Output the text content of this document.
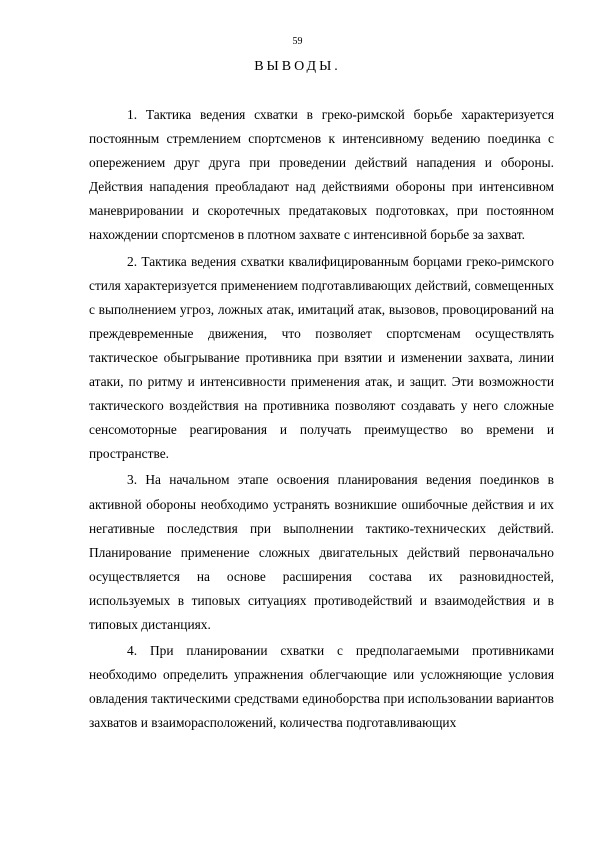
59
ВЫВОДЫ.

1. Тактика ведения схватки в греко-римской борьбе характеризуется постоянным стремлением спортсменов к интенсивному ведению поединка с опережением друг друга при проведении действий нападения и обороны. Действия нападения преобладают над действиями обороны при интенсивном маневрировании и скоротечных предатаковых подготовках, при постоянном нахождении спортсменов в плотном захвате с интенсивной борьбе за захват.

2. Тактика ведения схватки квалифицированным борцами греко-римского стиля характеризуется применением подготавливающих действий, совмещенных с выполнением угроз, ложных атак, имитаций атак, вызовов, провоцирований на преждевременные движения, что позволяет спортсменам осуществлять тактическое обыгрывание противника при взятии и изменении захвата, линии атаки, по ритму и интенсивности применения атак, и защит. Эти возможности тактического воздействия на противника позволяют создавать у него сложные сенсомоторные реагирования и получать преимущество во времени и пространстве.

3. На начальном этапе освоения планирования ведения поединков в активной обороны необходимо устранять возникшие ошибочные действия и их негативные последствия при выполнении тактико-технических действий. Планирование применение сложных двигательных действий первоначально осуществляется на основе расширения состава их разновидностей, используемых в типовых ситуациях противодействий и взаимодействия и в типовых дистанциях.

4. При планировании схватки с предполагаемыми противниками необходимо определить упражнения облегчающие или усложняющие условия овладения тактическими средствами единоборства при использовании вариантов захватов и взаиморасположений, количества подготавливающих
